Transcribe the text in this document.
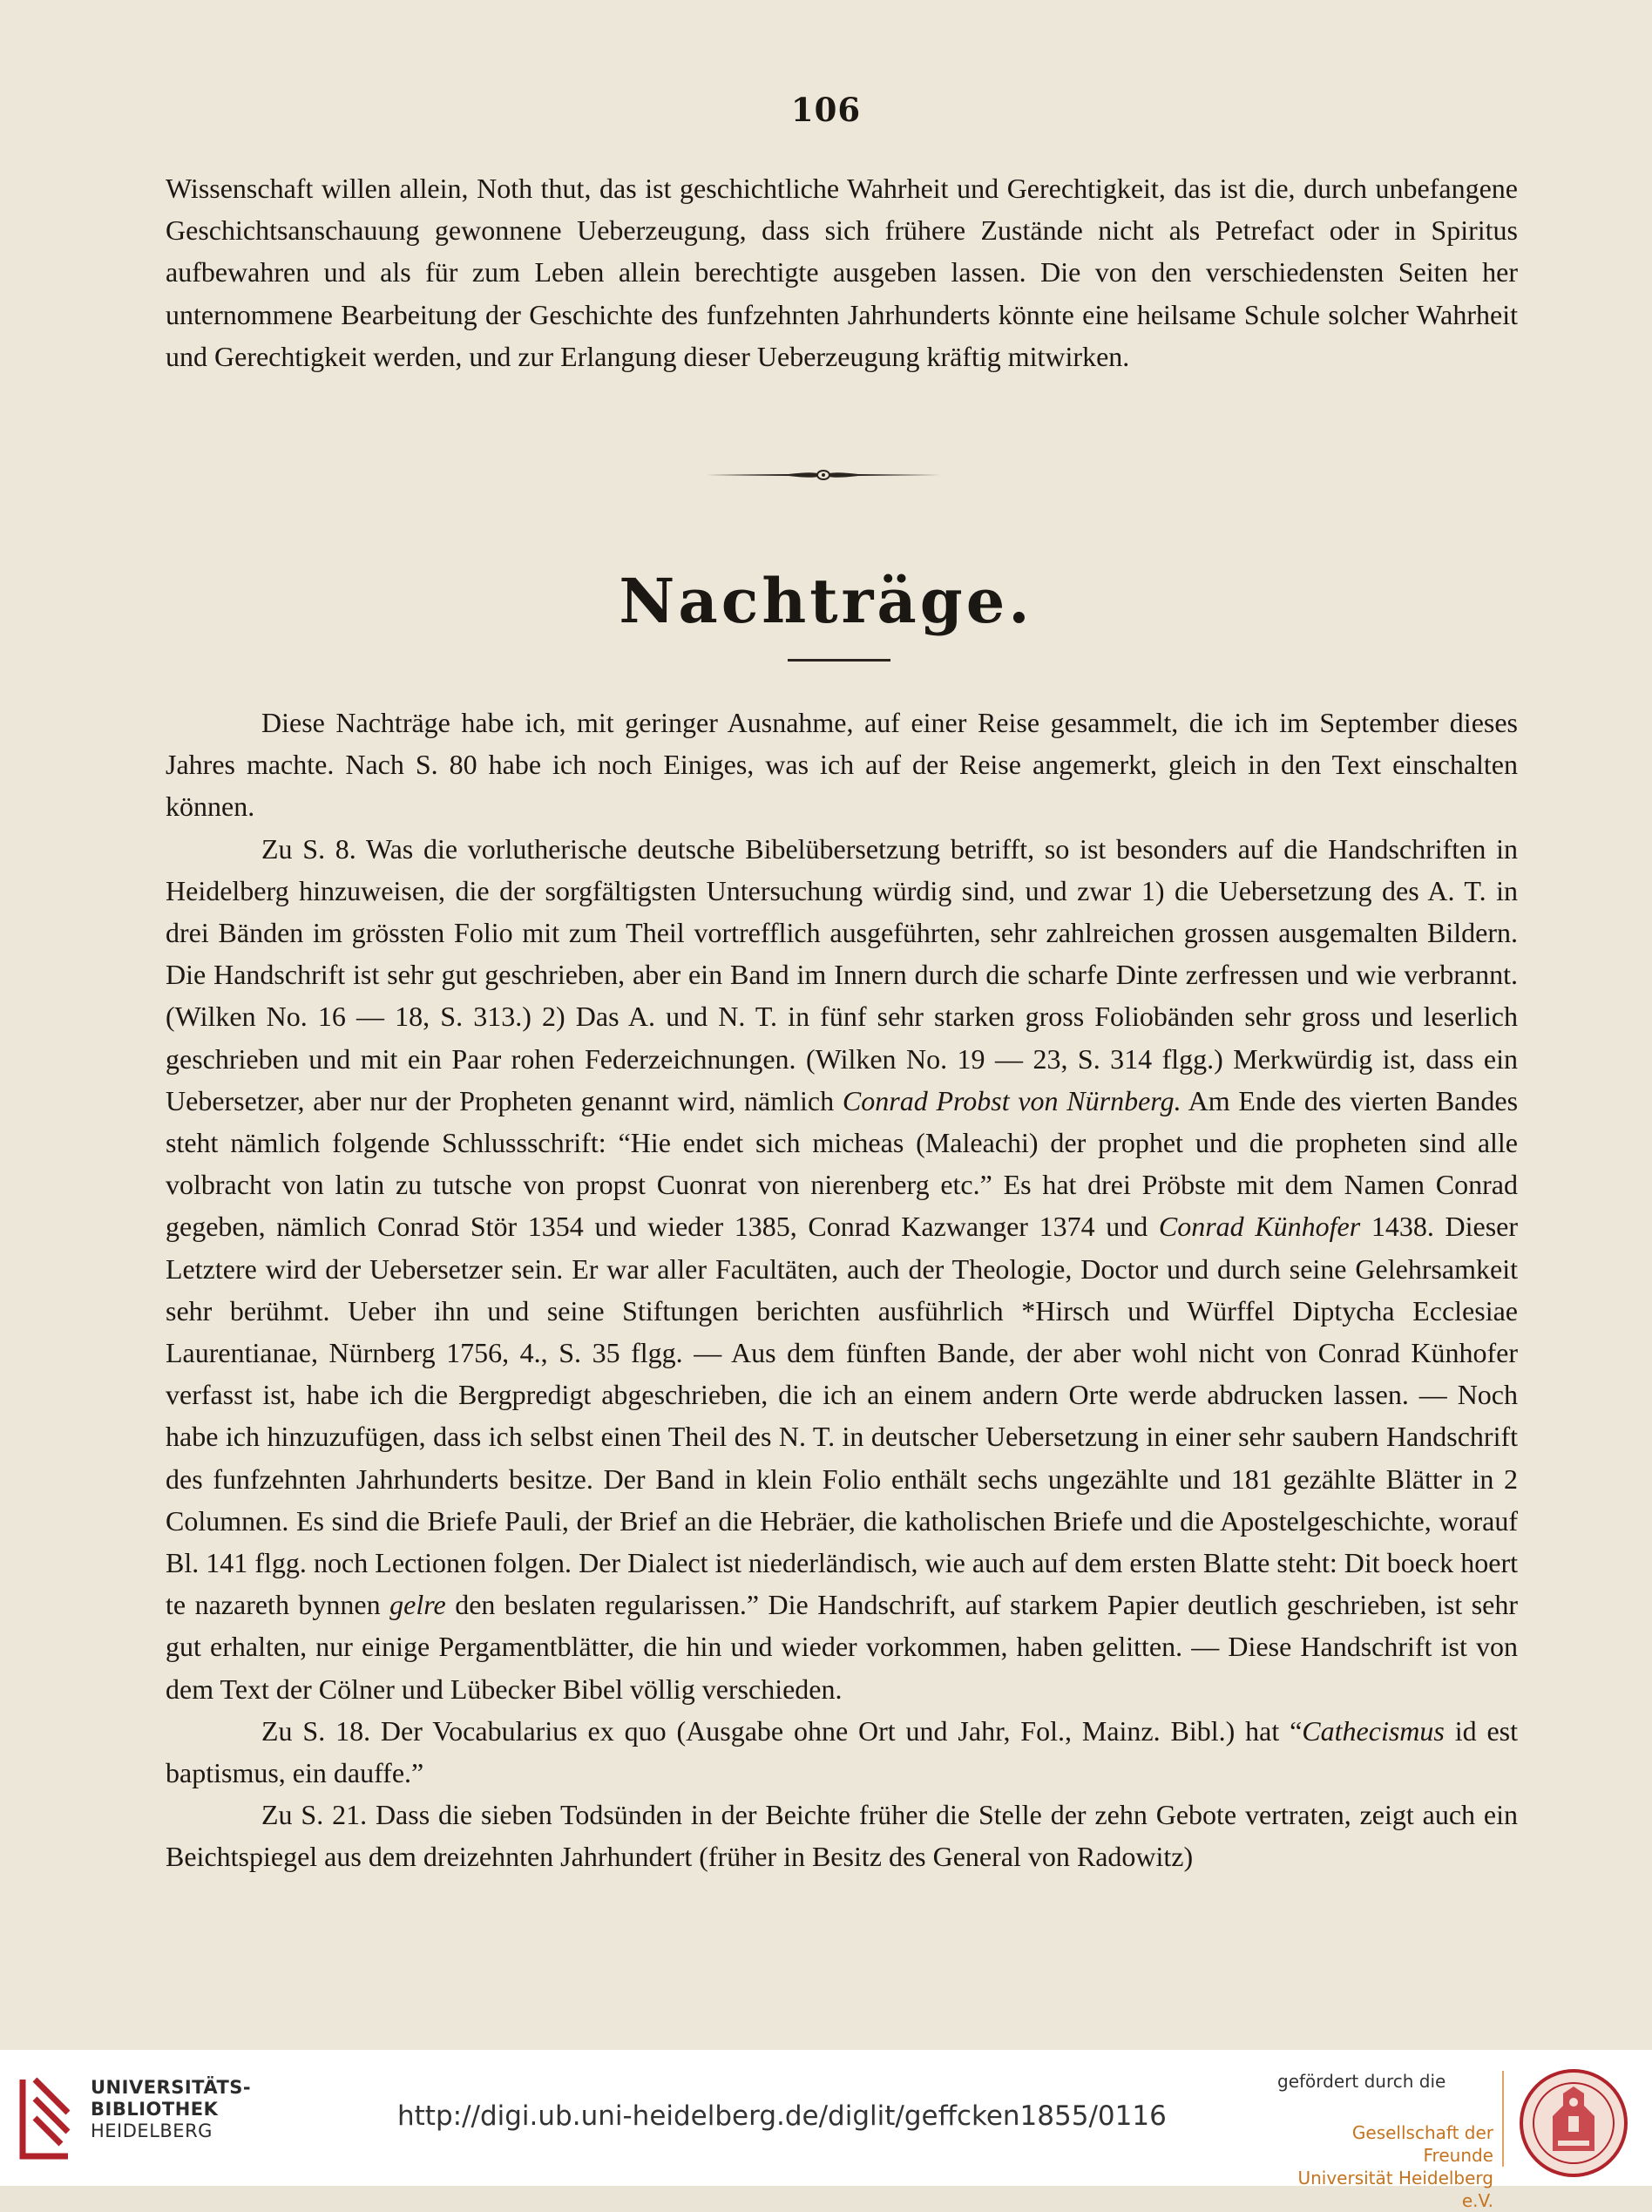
106

Wissenschaft willen allein, Noth thut, das ist geschichtliche Wahrheit und Gerechtigkeit, das ist die, durch unbefangene Geschichtsanschauung gewonnene Ueberzeugung, dass sich frühere Zustände nicht als Petrefact oder in Spiritus aufbewahren und als für zum Leben allein berechtigte ausgeben lassen. Die von den verschiedensten Seiten her unternommene Bearbeitung der Geschichte des funfzehnten Jahrhunderts könnte eine heilsame Schule solcher Wahrheit und Gerechtigkeit werden, und zur Erlangung dieser Ueberzeugung kräftig mitwirken.

Nachträge.

Diese Nachträge habe ich, mit geringer Ausnahme, auf einer Reise gesammelt, die ich im September dieses Jahres machte. Nach S. 80 habe ich noch Einiges, was ich auf der Reise angemerkt, gleich in den Text einschalten können.

Zu S. 8. Was die vorlutherische deutsche Bibelübersetzung betrifft, so ist besonders auf die Handschriften in Heidelberg hinzuweisen, die der sorgfältigsten Untersuchung würdig sind, und zwar 1) die Uebersetzung des A. T. in drei Bänden im grössten Folio mit zum Theil vortrefflich ausgeführten, sehr zahlreichen grossen ausgemalten Bildern. Die Handschrift ist sehr gut geschrieben, aber ein Band im Innern durch die scharfe Dinte zerfressen und wie verbrannt. (Wilken No. 16 — 18, S. 313.) 2) Das A. und N. T. in fünf sehr starken gross Foliobänden sehr gross und leserlich geschrieben und mit ein Paar rohen Federzeichnungen. (Wilken No. 19 — 23, S. 314 flgg.) Merkwürdig ist, dass ein Uebersetzer, aber nur der Propheten genannt wird, nämlich Conrad Probst von Nürnberg. Am Ende des vierten Bandes steht nämlich folgende Schlussschrift: “Hie endet sich micheas (Maleachi) der prophet und die propheten sind alle volbracht von latin zu tutsche von propst Cuonrat von nierenberg etc.” Es hat drei Pröbste mit dem Namen Conrad gegeben, nämlich Conrad Stör 1354 und wieder 1385, Conrad Kazwanger 1374 und Conrad Künhofer 1438. Dieser Letztere wird der Uebersetzer sein. Er war aller Facultäten, auch der Theologie, Doctor und durch seine Gelehrsamkeit sehr berühmt. Ueber ihn und seine Stiftungen berichten ausführlich *Hirsch und Würffel Diptycha Ecclesiae Laurentianae, Nürnberg 1756, 4., S. 35 flgg. — Aus dem fünften Bande, der aber wohl nicht von Conrad Künhofer verfasst ist, habe ich die Bergpredigt abgeschrieben, die ich an einem andern Orte werde abdrucken lassen. — Noch habe ich hinzuzufügen, dass ich selbst einen Theil des N. T. in deutscher Uebersetzung in einer sehr saubern Handschrift des funfzehnten Jahrhunderts besitze. Der Band in klein Folio enthält sechs ungezählte und 181 gezählte Blätter in 2 Columnen. Es sind die Briefe Pauli, der Brief an die Hebräer, die katholischen Briefe und die Apostelgeschichte, worauf Bl. 141 flgg. noch Lectionen folgen. Der Dialect ist niederländisch, wie auch auf dem ersten Blatte steht: Dit boeck hoert te nazareth bynnen gelre den beslaten regularissen.” Die Handschrift, auf starkem Papier deutlich geschrieben, ist sehr gut erhalten, nur einige Pergamentblätter, die hin und wieder vorkommen, haben gelitten. — Diese Handschrift ist von dem Text der Cölner und Lübecker Bibel völlig verschieden.

Zu S. 18. Der Vocabularius ex quo (Ausgabe ohne Ort und Jahr, Fol., Mainz. Bibl.) hat “Cathecismus id est baptismus, ein dauffe.”

Zu S. 21. Dass die sieben Todsünden in der Beichte früher die Stelle der zehn Gebote vertraten, zeigt auch ein Beichtspiegel aus dem dreizehnten Jahrhundert (früher in Besitz des General von Radowitz)

UNIVERSITÄTS-
BIBLIOTHEK
HEIDELBERG	http://digi.ub.uni-heidelberg.de/diglit/geffcken1855/0116
gefördert durch die
Gesellschaft der Freunde
Universität Heidelberg e.V.
